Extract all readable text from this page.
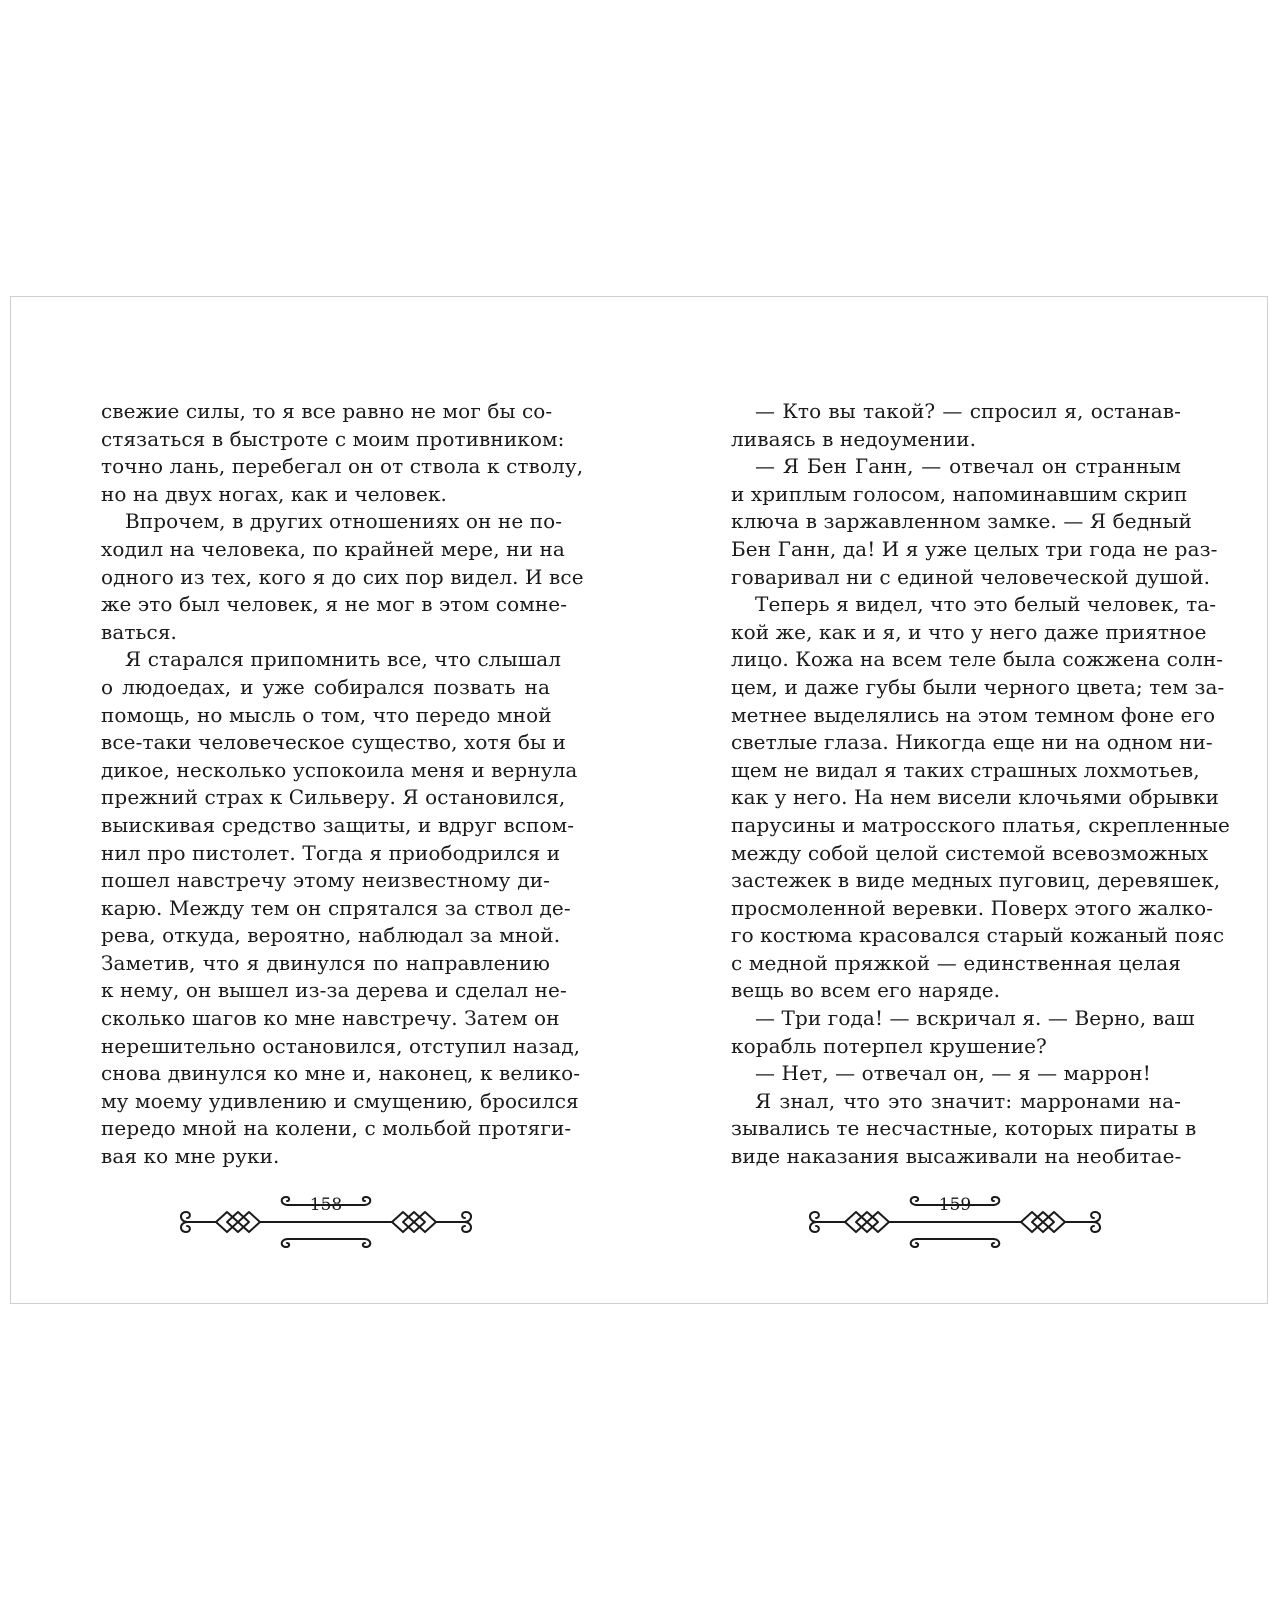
свежие силы, то я все равно не мог бы со-
стязаться в быстроте с моим противником:
точно лань, перебегал он от ствола к стволу,
но на двух ногах, как и человек.
Впрочем, в других отношениях он не по-
ходил на человека, по крайней мере, ни на
одного из тех, кого я до сих пор видел. И все
же это был человек, я не мог в этом сомне-
ваться.
Я старался припомнить все, что слышал
о людоедах, и уже собирался позвать на
помощь, но мысль о том, что передо мной
все-таки человеческое существо, хотя бы и
дикое, несколько успокоила меня и вернула
прежний страх к Сильверу. Я остановился,
выискивая средство защиты, и вдруг вспом-
нил про пистолет. Тогда я приободрился и
пошел навстречу этому неизвестному ди-
карю. Между тем он спрятался за ствол де-
рева, откуда, вероятно, наблюдал за мной.
Заметив, что я двинулся по направлению
к нему, он вышел из-за дерева и сделал не-
сколько шагов ко мне навстречу. Затем он
нерешительно остановился, отступил назад,
снова двинулся ко мне и, наконец, к велико-
му моему удивлению и смущению, бросился
передо мной на колени, с мольбой протяги-
вая ко мне руки.
158
— Кто вы такой? — спросил я, останав-
ливаясь в недоумении.
— Я Бен Ганн, — отвечал он странным
и хриплым голосом, напоминавшим скрип
ключа в заржавленном замке. — Я бедный
Бен Ганн, да! И я уже целых три года не раз-
говаривал ни с единой человеческой душой.
Теперь я видел, что это белый человек, та-
кой же, как и я, и что у него даже приятное
лицо. Кожа на всем теле была сожжена солн-
цем, и даже губы были черного цвета; тем за-
метнее выделялись на этом темном фоне его
светлые глаза. Никогда еще ни на одном ни-
щем не видал я таких страшных лохмотьев,
как у него. На нем висели клочьями обрывки
парусины и матросского платья, скрепленные
между собой целой системой всевозможных
застежек в виде медных пуговиц, деревяшек,
просмоленной веревки. Поверх этого жалко-
го костюма красовался старый кожаный пояс
с медной пряжкой — единственная целая
вещь во всем его наряде.
— Три года! — вскричал я. — Верно, ваш
корабль потерпел крушение?
— Нет, — отвечал он, — я — маррон!
Я знал, что это значит: марронами на-
зывались те несчастные, которых пираты в
виде наказания высаживали на необитае-
159
